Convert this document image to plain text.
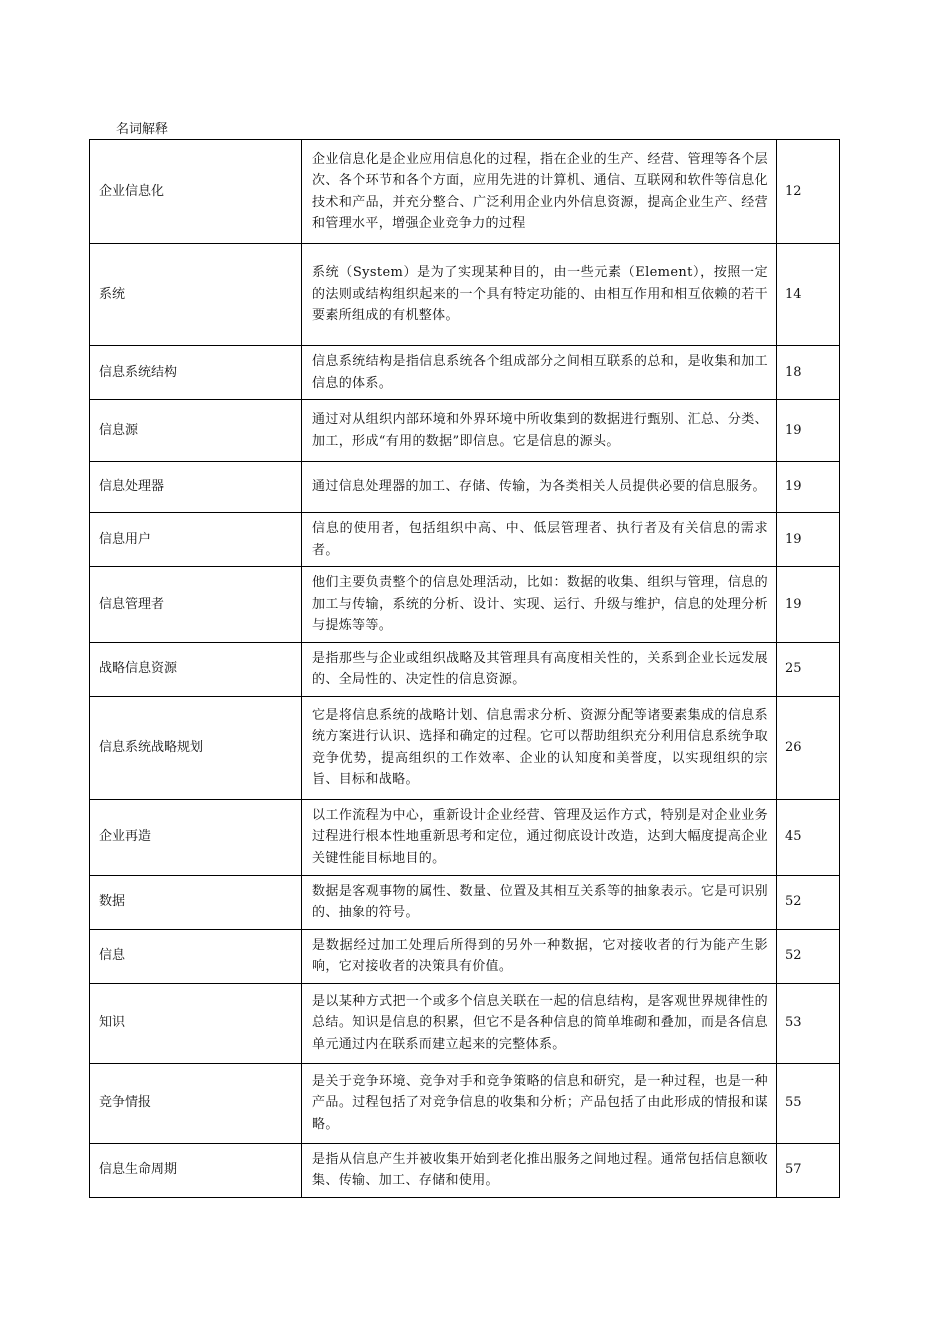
名词解释
企业信息化	企业信息化是企业应用信息化的过程，指在企业的生产、经营、管理等各个层次、各个环节和各个方面，应用先进的计算机、通信、互联网和软件等信息化技术和产品，并充分整合、广泛利用企业内外信息资源，提高企业生产、经营和管理水平，增强企业竞争力的过程	12
系统	系统（System）是为了实现某种目的，由一些元素（Element），按照一定的法则或结构组织起来的一个具有特定功能的、由相互作用和相互依赖的若干要素所组成的有机整体。	14
信息系统结构	信息系统结构是指信息系统各个组成部分之间相互联系的总和，是收集和加工信息的体系。	18
信息源	通过对从组织内部环境和外界环境中所收集到的数据进行甄别、汇总、分类、加工，形成“有用的数据”即信息。它是信息的源头。	19
信息处理器	通过信息处理器的加工、存储、传输，为各类相关人员提供必要的信息服务。	19
信息用户	信息的使用者，包括组织中高、中、低层管理者、执行者及有关信息的需求者。	19
信息管理者	他们主要负责整个的信息处理活动，比如：数据的收集、组织与管理，信息的加工与传输，系统的分析、设计、实现、运行、升级与维护，信息的处理分析与提炼等等。	19
战略信息资源	是指那些与企业或组织战略及其管理具有高度相关性的，关系到企业长远发展的、全局性的、决定性的信息资源。	25
信息系统战略规划	它是将信息系统的战略计划、信息需求分析、资源分配等诸要素集成的信息系统方案进行认识、选择和确定的过程。它可以帮助组织充分利用信息系统争取竞争优势，提高组织的工作效率、企业的认知度和美誉度，以实现组织的宗旨、目标和战略。	26
企业再造	以工作流程为中心，重新设计企业经营、管理及运作方式，特别是对企业业务过程进行根本性地重新思考和定位，通过彻底设计改造，达到大幅度提高企业关键性能目标地目的。	45
数据	数据是客观事物的属性、数量、位置及其相互关系等的抽象表示。它是可识别的、抽象的符号。	52
信息	是数据经过加工处理后所得到的另外一种数据，它对接收者的行为能产生影响，它对接收者的决策具有价值。	52
知识	是以某种方式把一个或多个信息关联在一起的信息结构，是客观世界规律性的总结。知识是信息的积累，但它不是各种信息的简单堆砌和叠加，而是各信息单元通过内在联系而建立起来的完整体系。	53
竞争情报	是关于竞争环境、竞争对手和竞争策略的信息和研究，是一种过程，也是一种产品。过程包括了对竞争信息的收集和分析；产品包括了由此形成的情报和谋略。	55
信息生命周期	是指从信息产生并被收集开始到老化推出服务之间地过程。通常包括信息额收集、传输、加工、存储和使用。	57
